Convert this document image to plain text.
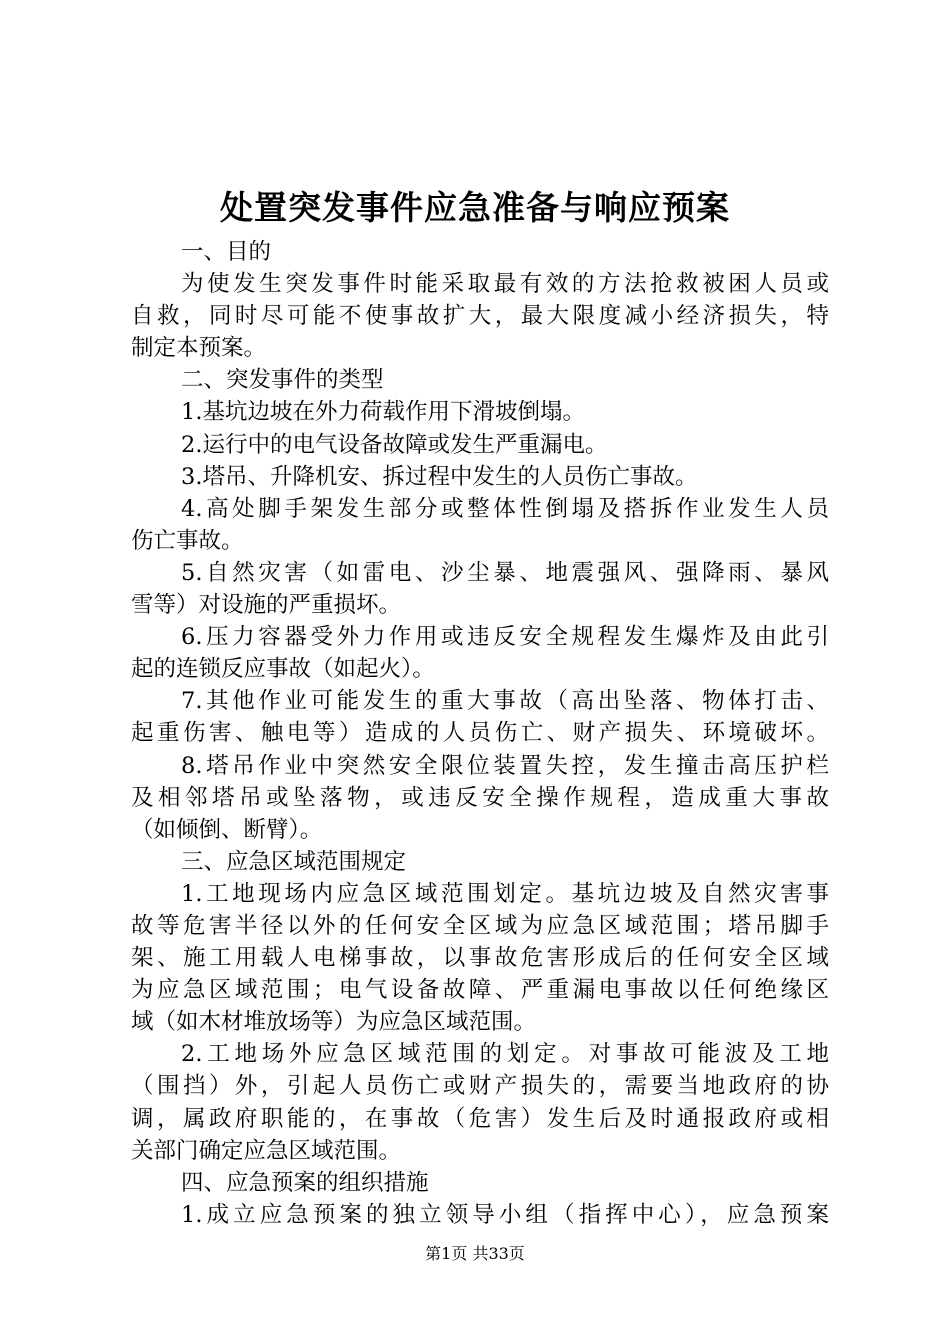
处置突发事件应急准备与响应预案
一、目的
为使发生突发事件时能采取最有效的方法抢救被困人员或
自救，同时尽可能不使事故扩大，最大限度减小经济损失，特
制定本预案。
二、突发事件的类型
1.基坑边坡在外力荷载作用下滑坡倒塌。
2.运行中的电气设备故障或发生严重漏电。
3.塔吊、升降机安、拆过程中发生的人员伤亡事故。
4.高处脚手架发生部分或整体性倒塌及搭拆作业发生人员
伤亡事故。
5.自然灾害（如雷电、沙尘暴、地震强风、强降雨、暴风
雪等）对设施的严重损坏。
6.压力容器受外力作用或违反安全规程发生爆炸及由此引
起的连锁反应事故（如起火）。
7.其他作业可能发生的重大事故（高出坠落、物体打击、
起重伤害、触电等）造成的人员伤亡、财产损失、环境破坏。
8.塔吊作业中突然安全限位装置失控，发生撞击高压护栏
及相邻塔吊或坠落物，或违反安全操作规程，造成重大事故
（如倾倒、断臂）。
三、应急区域范围规定
1.工地现场内应急区域范围划定。基坑边坡及自然灾害事
故等危害半径以外的任何安全区域为应急区域范围；塔吊脚手
架、施工用载人电梯事故，以事故危害形成后的任何安全区域
为应急区域范围；电气设备故障、严重漏电事故以任何绝缘区
域（如木材堆放场等）为应急区域范围。
2.工地场外应急区域范围的划定。对事故可能波及工地
（围挡）外，引起人员伤亡或财产损失的，需要当地政府的协
调，属政府职能的，在事故（危害）发生后及时通报政府或相
关部门确定应急区域范围。
四、应急预案的组织措施
1.成立应急预案的独立领导小组（指挥中心），应急预案
第1页 共33页
